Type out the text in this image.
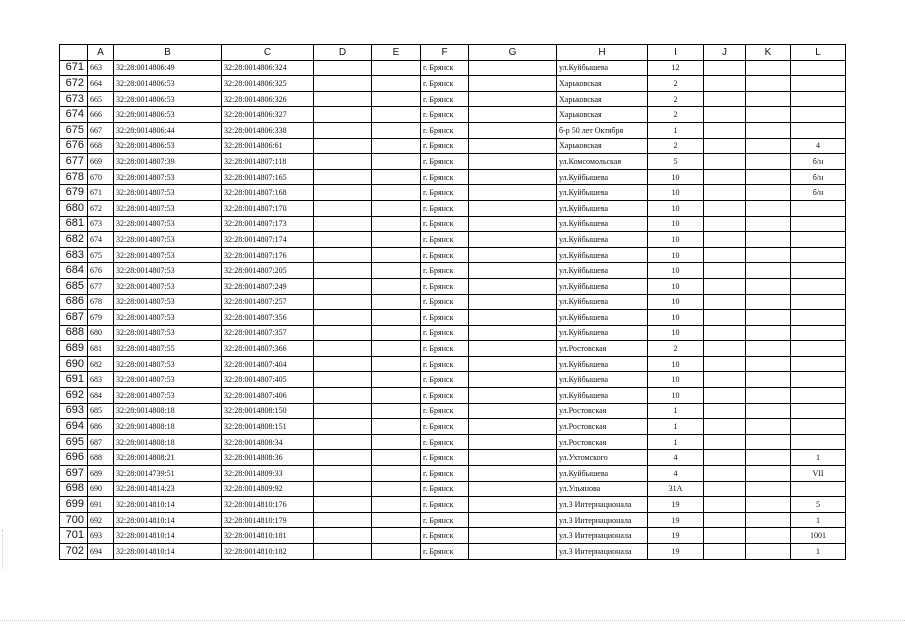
	A	B	C	D	E	F	G	H	I	J	K	L
671	663	32:28:0014806:49	32:28:0014806:324			г. Брянск		ул.Куйбышева	12			
672	664	32:28:0014806:53	32:28:0014806:325			г. Брянск		Харьковская	2			
673	665	32:28:0014806:53	32:28:0014806:326			г. Брянск		Харьковская	2			
674	666	32:28:0014806:53	32:28:0014806:327			г. Брянск		Харьковская	2			
675	667	32:28:0014806:44	32:28:0014806:338			г. Брянск		б-р 50 лет Октября	1			
676	668	32:28:0014806:53	32:28:0014806:61			г. Брянск		Харьковская	2			4
677	669	32:28:0014807:39	32:28:0014807:118			г. Брянск		ул.Комсомольская	5			б/н
678	670	32:28:0014807:53	32:28:0014807:165			г. Брянск		ул.Куйбышева	10			б/н
679	671	32:28:0014807:53	32:28:0014807:168			г. Брянск		ул.Куйбышева	10			б/н
680	672	32:28:0014807:53	32:28:0014807:170			г. Брянск		ул.Куйбышева	10			
681	673	32:28:0014807:53	32:28:0014807:173			г. Брянск		ул.Куйбышева	10			
682	674	32:28:0014807:53	32:28:0014807:174			г. Брянск		ул.Куйбышева	10			
683	675	32:28:0014807:53	32:28:0014807:176			г. Брянск		ул.Куйбышева	10			
684	676	32:28:0014807:53	32:28:0014807:205			г. Брянск		ул.Куйбышева	10			
685	677	32:28:0014807:53	32:28:0014807:249			г. Брянск		ул.Куйбышева	10			
686	678	32:28:0014807:53	32:28:0014807:257			г. Брянск		ул.Куйбышева	10			
687	679	32:28:0014807:53	32:28:0014807:356			г. Брянск		ул.Куйбышева	10			
688	680	32:28:0014807:53	32:28:0014807:357			г. Брянск		ул.Куйбышева	10			
689	681	32:28:0014807:55	32:28:0014807:366			г. Брянск		ул.Ростовская	2			
690	682	32:28:0014807:53	32:28:0014807:404			г. Брянск		ул.Куйбышева	10			
691	683	32:28:0014807:53	32:28:0014807:405			г. Брянск		ул.Куйбышева	10			
692	684	32:28:0014807:53	32:28:0014807:406			г. Брянск		ул.Куйбышева	10			
693	685	32:28:0014808:18	32:28:0014808:150			г. Брянск		ул.Ростовская	1			
694	686	32:28:0014808:18	32:28:0014808:151			г. Брянск		ул.Ростовская	1			
695	687	32:28:0014808:18	32:28:0014808:34			г. Брянск		ул.Ростовская	1			
696	688	32:28:0014808:21	32:28:0014808:36			г. Брянск		ул.Ухтомского	4			1
697	689	32:28:0014739:51	32:28:0014809:33			г. Брянск		ул.Куйбышева	4			VII
698	690	32:28:0014814:23	32:28:0014809:92			г. Брянск		ул.Ульянова	31А			
699	691	32:28:0014810:14	32:28:0014810:176			г. Брянск		ул.3 Интернационала	19			5
700	692	32:28:0014810:14	32:28:0014810:179			г. Брянск		ул.3 Интернационала	19			1
701	693	32:28:0014810:14	32:28:0014810:181			г. Брянск		ул.3 Интернационала	19			1001
702	694	32:28:0014810:14	32:28:0014810:182			г. Брянск		ул.3 Интернационала	19			1
